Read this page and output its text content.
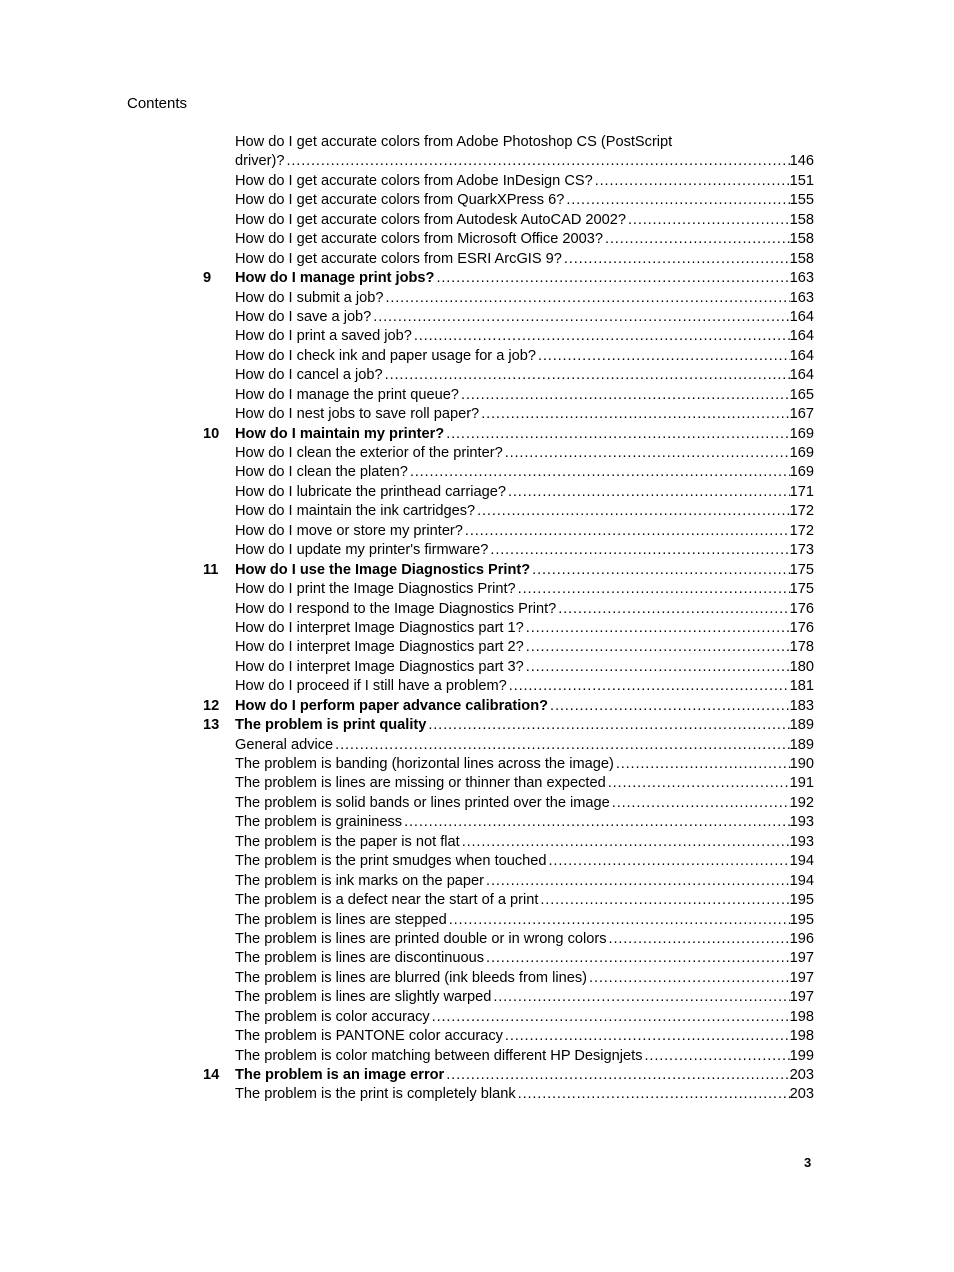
Contents
How do I get accurate colors from Adobe Photoshop CS (PostScript
driver)? . . .	146
How do I get accurate colors from Adobe InDesign CS? . . .	151
How do I get accurate colors from QuarkXPress 6? . . .	155
How do I get accurate colors from Autodesk AutoCAD 2002? . . .	158
How do I get accurate colors from Microsoft Office 2003? . . .	158
How do I get accurate colors from ESRI ArcGIS 9? . . .	158
9 How do I manage print jobs? . . .	163
How do I submit a job? . . .	163
How do I save a job? . . .	164
How do I print a saved job? . . .	164
How do I check ink and paper usage for a job? . . .	164
How do I cancel a job? . . .	164
How do I manage the print queue? . . .	165
How do I nest jobs to save roll paper? . . .	167
10 How do I maintain my printer? . . .	169
How do I clean the exterior of the printer? . . .	169
How do I clean the platen? . . .	169
How do I lubricate the printhead carriage? . . .	171
How do I maintain the ink cartridges? . . .	172
How do I move or store my printer? . . .	172
How do I update my printer's firmware? . . .	173
11 How do I use the Image Diagnostics Print? . . .	175
How do I print the Image Diagnostics Print? . . .	175
How do I respond to the Image Diagnostics Print? . . .	176
How do I interpret Image Diagnostics part 1? . . .	176
How do I interpret Image Diagnostics part 2? . . .	178
How do I interpret Image Diagnostics part 3? . . .	180
How do I proceed if I still have a problem? . . .	181
12 How do I perform paper advance calibration? . . .	183
13 The problem is print quality . . .	189
General advice . . .	189
The problem is banding (horizontal lines across the image) . . .	190
The problem is lines are missing or thinner than expected . . .	191
The problem is solid bands or lines printed over the image . . .	192
The problem is graininess . . .	193
The problem is the paper is not flat . . .	193
The problem is the print smudges when touched . . .	194
The problem is ink marks on the paper . . .	194
The problem is a defect near the start of a print . . .	195
The problem is lines are stepped . . .	195
The problem is lines are printed double or in wrong colors . . .	196
The problem is lines are discontinuous . . .	197
The problem is lines are blurred (ink bleeds from lines) . . .	197
The problem is lines are slightly warped . . .	197
The problem is color accuracy . . .	198
The problem is PANTONE color accuracy . . .	198
The problem is color matching between different HP Designjets . . .	199
14 The problem is an image error . . .	203
The problem is the print is completely blank . . .	203
3
